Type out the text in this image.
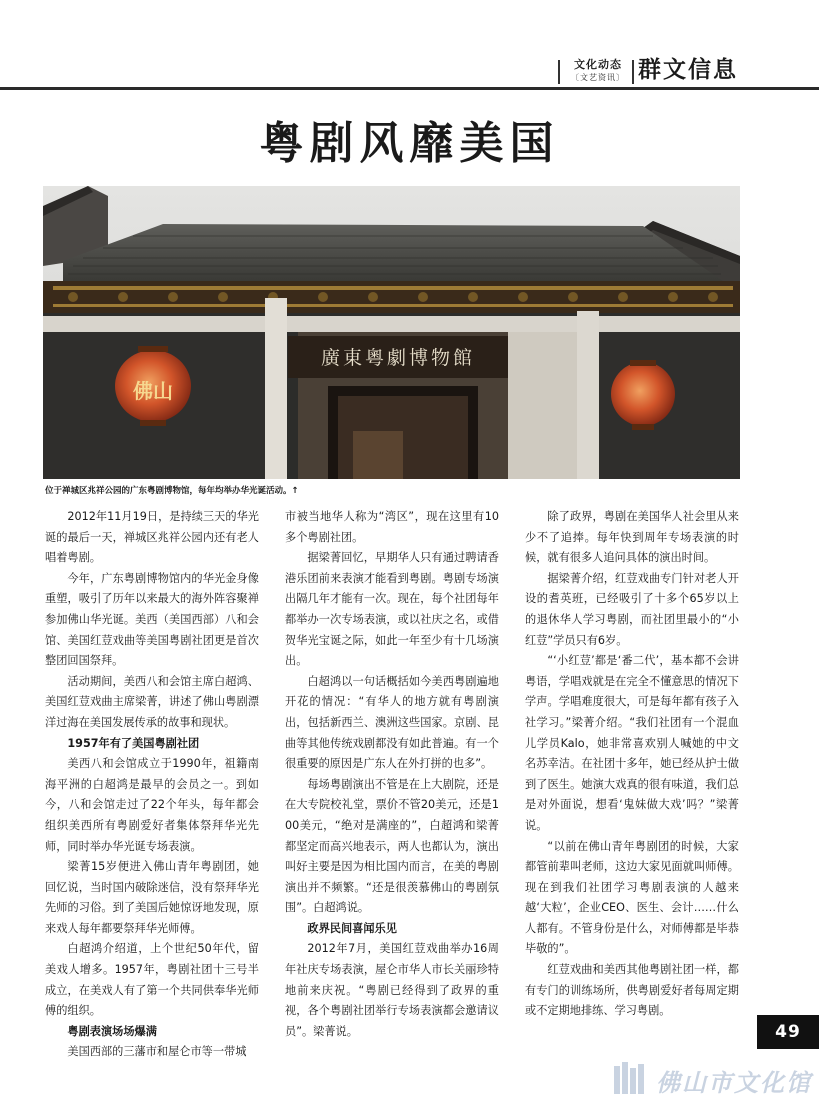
文化动态
〔文艺资讯〕 群文信息
粤剧风靡美国
廣東粵劇博物館
佛山
位于禅城区兆祥公园的广东粤剧博物馆，每年均举办华光诞活动。↑

2012年11月19日，是持续三天的华光诞的最后一天，禅城区兆祥公园内还有老人唱着粤剧。

今年，广东粤剧博物馆内的华光金身像重塑，吸引了历年以来最大的海外阵容聚禅参加佛山华光诞。美西（美国西部）八和会馆、美国红荳戏曲等美国粤剧社团更是首次整团回国祭拜。

活动期间，美西八和会馆主席白超鸿、美国红荳戏曲主席梁菁，讲述了佛山粤剧漂洋过海在美国发展传承的故事和现状。

1957年有了美国粤剧社团

美西八和会馆成立于1990年，祖籍南海平洲的白超鸿是最早的会员之一。到如今，八和会馆走过了22个年头，每年都会组织美西所有粤剧爱好者集体祭拜华光先师，同时举办华光诞专场表演。

梁菁15岁便进入佛山青年粤剧团，她回忆说，当时国内破除迷信，没有祭拜华光先师的习俗。到了美国后她惊讶地发现，原来戏人每年都要祭拜华光师傅。

白超鸿介绍道，上个世纪50年代，留美戏人增多。1957年，粤剧社团十三号半成立，在美戏人有了第一个共同供奉华光师傅的组织。

粤剧表演场场爆满

美国西部的三藩市和屋仑市等一带城

市被当地华人称为“湾区”，现在这里有10多个粤剧社团。

据梁菁回忆，早期华人只有通过聘请香港乐团前来表演才能看到粤剧。粤剧专场演出隔几年才能有一次。现在，每个社团每年都举办一次专场表演，或以社庆之名，或借贺华光宝诞之际，如此一年至少有十几场演出。

白超鸿以一句话概括如今美西粤剧遍地开花的情况：“有华人的地方就有粤剧演出，包括新西兰、澳洲这些国家。京剧、昆曲等其他传统戏剧都没有如此普遍。有一个很重要的原因是广东人在外打拼的也多”。

每场粤剧演出不管是在上大剧院，还是在大专院校礼堂，票价不管20美元，还是100美元，“绝对是满座的”，白超鸿和梁菁都坚定而高兴地表示，两人也都认为，演出叫好主要是因为相比国内而言，在美的粤剧演出并不频繁。“还是很羡慕佛山的粤剧氛围”。白超鸿说。

政界民间喜闻乐见

2012年7月，美国红荳戏曲举办16周年社庆专场表演，屋仑市华人市长关丽珍特地前来庆祝。“粤剧已经得到了政界的重视，各个粤剧社团举行专场表演都会邀请议员”。梁菁说。

除了政界，粤剧在美国华人社会里从来少不了追捧。每年快到周年专场表演的时候，就有很多人追问具体的演出时间。

据梁菁介绍，红荳戏曲专门针对老人开设的耆英班，已经吸引了十多个65岁以上的退休华人学习粤剧，而社团里最小的“小红荳”学员只有6岁。

“‘小红荳’都是‘番二代’，基本都不会讲粤语，学唱戏就是在完全不懂意思的情况下学声。学唱难度很大，可是每年都有孩子入社学习。”梁菁介绍。“我们社团有一个混血儿学员Kalo，她非常喜欢别人喊她的中文名苏幸洁。在社团十多年，她已经从护士做到了医生。她演大戏真的很有味道，我们总是对外面说，想看‘鬼妹做大戏’吗？”梁菁说。

“以前在佛山青年粤剧团的时候，大家都管前辈叫老师，这边大家见面就叫师傅。现在到我们社团学习粤剧表演的人越来越‘大粒’，企业CEO、医生、会计……什么人都有。不管身份是什么，对师傅都是毕恭毕敬的”。

红荳戏曲和美西其他粤剧社团一样，都有专门的训练场所，供粤剧爱好者每周定期或不定期地排练、学习粤剧。

49
佛山市文化馆
